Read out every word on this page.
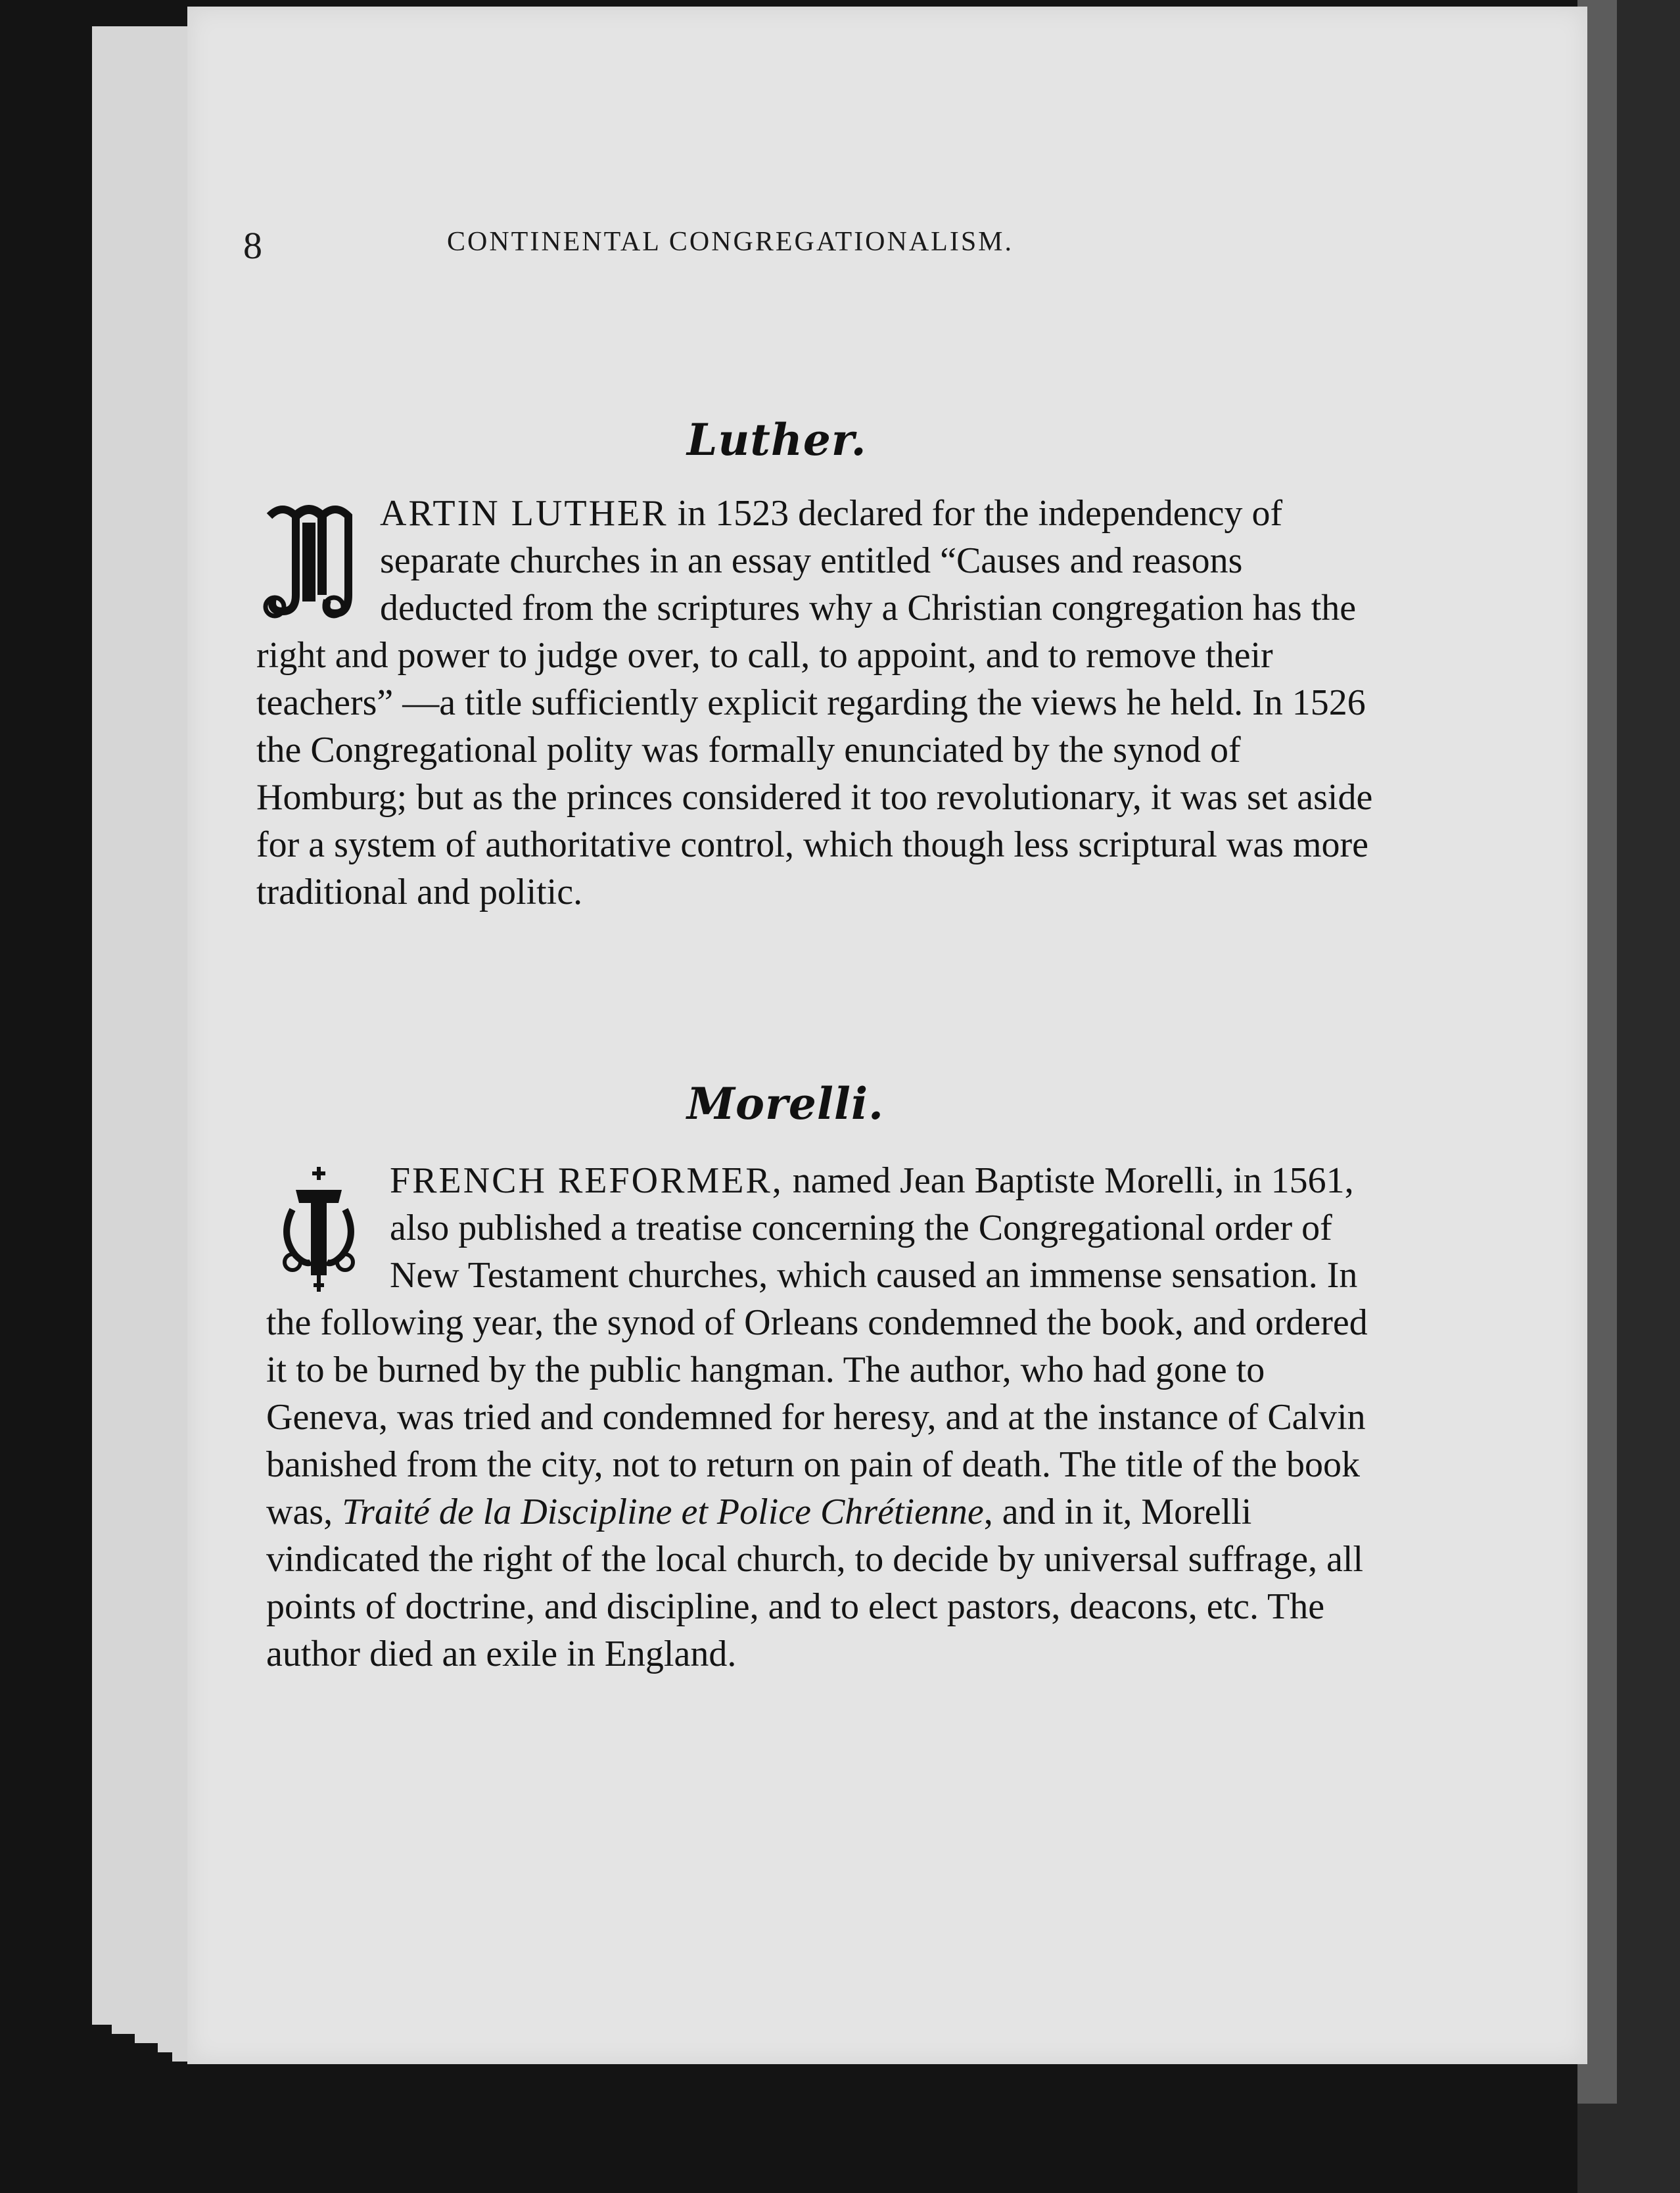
8	CONTINENTAL CONGREGATIONALISM.
Luther.
ARTIN LUTHER in 1523 declared for the independency of separate churches in an essay entitled “Causes and reasons deducted from the scriptures why a Christian congregation has the right and power to judge over, to call, to appoint, and to remove their teachers” —a title sufficiently explicit regarding the views he held. In 1526 the Congregational polity was formally enunciated by the synod of Homburg; but as the princes considered it too revolutionary, it was set aside for a system of authoritative control, which though less scriptural was more traditional and politic.
Morelli.
FRENCH REFORMER, named Jean Baptiste Morelli, in 1561, also published a treatise concerning the Congregational order of New Testament churches, which caused an immense sensation. In the following year, the synod of Orleans condemned the book, and ordered it to be burned by the public hangman. The author, who had gone to Geneva, was tried and condemned for heresy, and at the instance of Calvin banished from the city, not to return on pain of death. The title of the book was, Traité de la Discipline et Police Chrétienne, and in it, Morelli vindicated the right of the local church, to decide by universal suffrage, all points of doctrine, and discipline, and to elect pastors, deacons, etc. The author died an exile in England.
